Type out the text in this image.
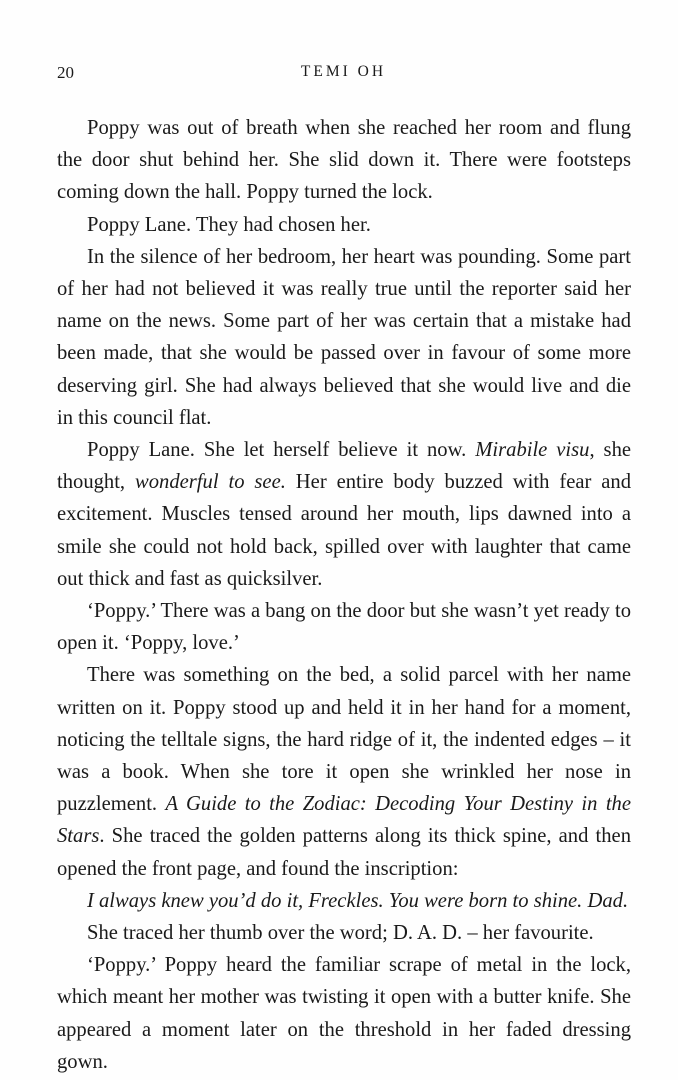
20	TEMI OH

Poppy was out of breath when she reached her room and flung the door shut behind her. She slid down it. There were footsteps coming down the hall. Poppy turned the lock.

Poppy Lane. They had chosen her.

In the silence of her bedroom, her heart was pounding. Some part of her had not believed it was really true until the reporter said her name on the news. Some part of her was certain that a mistake had been made, that she would be passed over in favour of some more deserving girl. She had always believed that she would live and die in this council flat.

Poppy Lane. She let herself believe it now. Mirabile visu, she thought, wonderful to see. Her entire body buzzed with fear and excitement. Muscles tensed around her mouth, lips dawned into a smile she could not hold back, spilled over with laughter that came out thick and fast as quicksilver.

‘Poppy.’ There was a bang on the door but she wasn’t yet ready to open it. ‘Poppy, love.’

There was something on the bed, a solid parcel with her name written on it. Poppy stood up and held it in her hand for a moment, noticing the telltale signs, the hard ridge of it, the indented edges – it was a book. When she tore it open she wrinkled her nose in puzzlement. A Guide to the Zodiac: Decoding Your Destiny in the Stars. She traced the golden patterns along its thick spine, and then opened the front page, and found the inscription:

I always knew you’d do it, Freckles. You were born to shine. Dad.

She traced her thumb over the word; D. A. D. – her favourite.

‘Poppy.’ Poppy heard the familiar scrape of metal in the lock, which meant her mother was twisting it open with a butter knife. She appeared a moment later on the threshold in her faded dressing gown.
